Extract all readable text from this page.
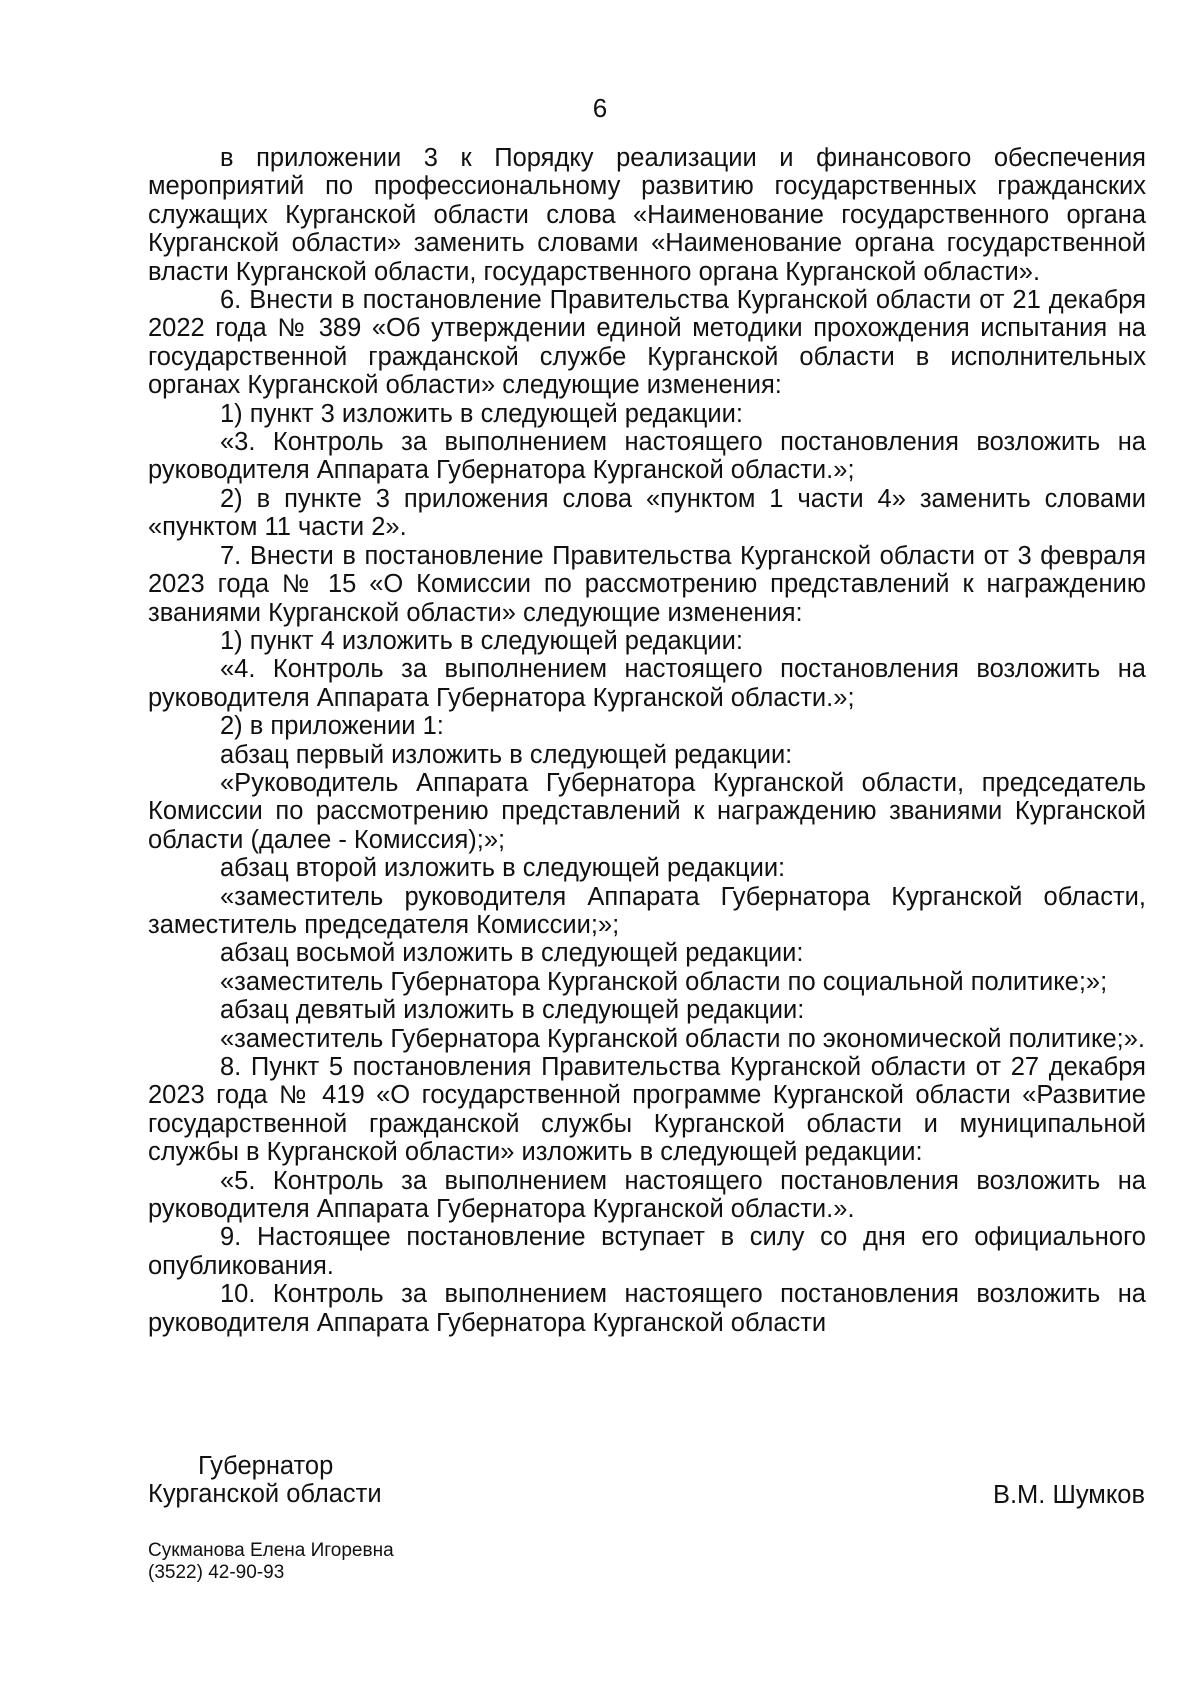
6

в приложении 3 к Порядку реализации и финансового обеспечения мероприятий по профессиональному развитию государственных гражданских служащих Курганской области слова «Наименование государственного органа Курганской области» заменить словами «Наименование органа государственной власти Курганской области, государственного органа Курганской области».

6. Внести в постановление Правительства Курганской области от 21 декабря 2022 года № 389 «Об утверждении единой методики прохождения испытания на государственной гражданской службе Курганской области в исполнительных органах Курганской области» следующие изменения:

1) пункт 3 изложить в следующей редакции:

«3. Контроль за выполнением настоящего постановления возложить на руководителя Аппарата Губернатора Курганской области.»;

2) в пункте 3 приложения слова «пунктом 1 части 4» заменить словами «пунктом 11 части 2».

7. Внести в постановление Правительства Курганской области от 3 февраля 2023 года № 15 «О Комиссии по рассмотрению представлений к награждению званиями Курганской области» следующие изменения:

1) пункт 4 изложить в следующей редакции:

«4. Контроль за выполнением настоящего постановления возложить на руководителя Аппарата Губернатора Курганской области.»;

2) в приложении 1:

абзац первый изложить в следующей редакции:

«Руководитель Аппарата Губернатора Курганской области, председатель Комиссии по рассмотрению представлений к награждению званиями Курганской области (далее - Комиссия);»;

абзац второй изложить в следующей редакции:

«заместитель руководителя Аппарата Губернатора Курганской области, заместитель председателя Комиссии;»;

абзац восьмой изложить в следующей редакции:

«заместитель Губернатора Курганской области по социальной политике;»;

абзац девятый изложить в следующей редакции:

«заместитель Губернатора Курганской области по экономической политике;».

8. Пункт 5 постановления Правительства Курганской области от 27 декабря 2023 года № 419 «О государственной программе Курганской области «Развитие государственной гражданской службы Курганской области и муниципальной службы в Курганской области» изложить в следующей редакции:

«5. Контроль за выполнением настоящего постановления возложить на руководителя Аппарата Губернатора Курганской области.».

9. Настоящее постановление вступает в силу со дня его официального опубликования.

10. Контроль за выполнением настоящего постановления возложить на руководителя Аппарата Губернатора Курганской области

Губернатор
Курганской области	В.М. Шумков
Сукманова Елена Игоревна
(3522) 42-90-93
